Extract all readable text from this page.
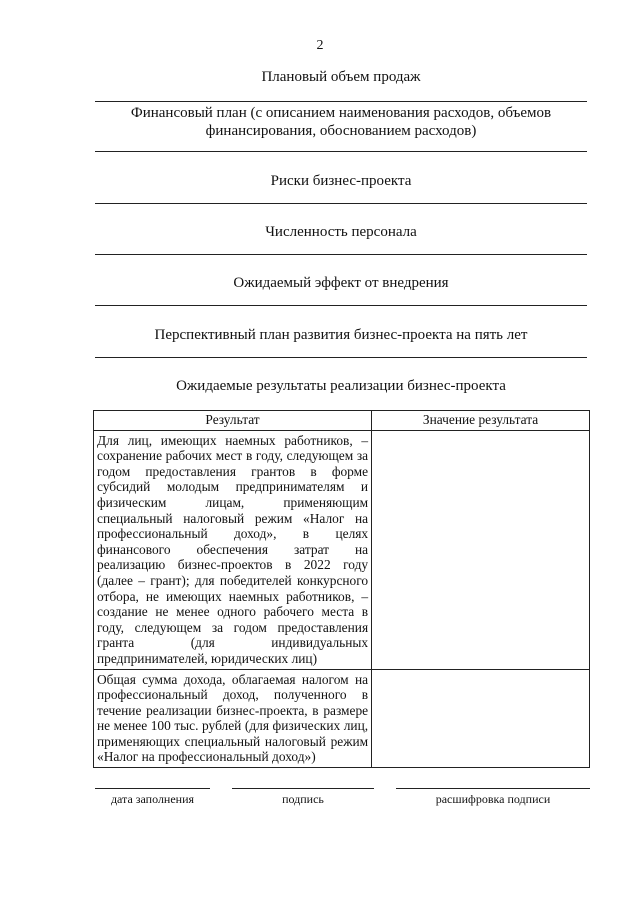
2
Плановый объем продаж
Финансовый план (с описанием наименования расходов, объемов финансирования, обоснованием расходов)
Риски бизнес-проекта
Численность персонала
Ожидаемый эффект от внедрения
Перспективный план развития бизнес-проекта на пять лет
Ожидаемые результаты реализации бизнес-проекта
Результат	Значение результата
Для лиц, имеющих наемных работников, – сохранение рабочих мест в году, следующем за годом предоставления грантов в форме субсидий молодым предпринимателям и физическим лицам, применяющим специальный налоговый режим «Налог на профессиональный доход», в целях финансового обеспечения затрат на реализацию бизнес-проектов в 2022 году (далее – грант); для победителей конкурсного отбора, не имеющих наемных работников, – создание не менее одного рабочего места в году, следующем за годом предоставления гранта (для индивидуальных предпринимателей, юридических лиц)	
Общая сумма дохода, облагаемая налогом на профессиональный доход, полученного в течение реализации бизнес-проекта, в размере не менее 100 тыс. рублей (для физических лиц, применяющих специальный налоговый режим «Налог на профессиональный доход»)	
дата заполнения	подпись	расшифровка подписи
